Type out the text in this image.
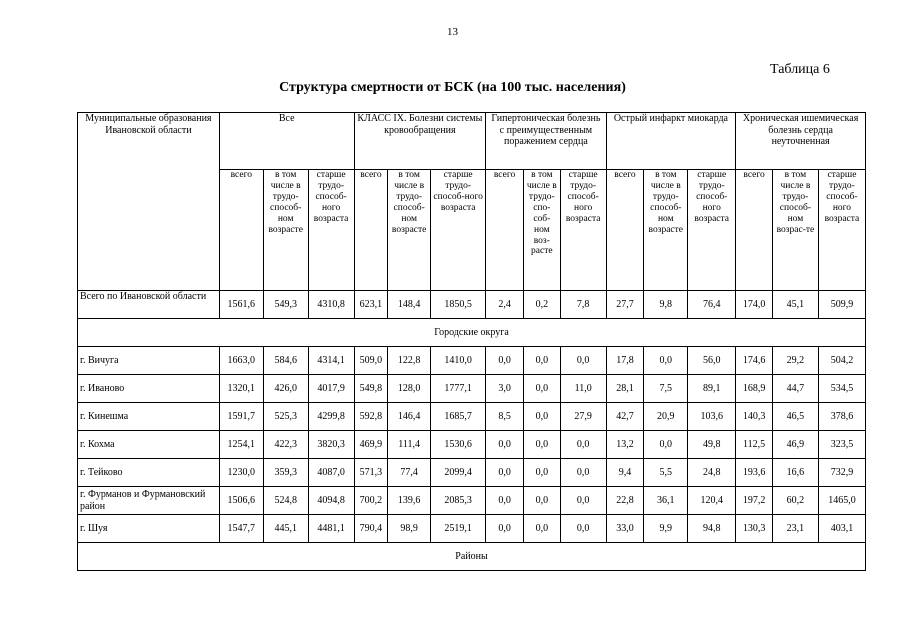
13
Таблица 6
Структура смертности от БСК (на 100 тыс. населения)
Муниципальные образования Ивановской области	Все			КЛАСС IX. Болезни системы кровообращения			Гипертоническая болезнь с преимущественным поражением сердца			Острый инфаркт миокарда			Хроническая ишемическая болезнь сердца неуточненная		
	всего	в том числе в трудо-способ-ном возрасте	старше трудо-способ-ного возраста	всего	в том числе в трудо-способ-ном возрасте	старше трудо-способ-ного возраста	всего	в том числе в трудо-спо-соб-ном воз-расте	старше трудо-способ-ного возраста	всего	в том числе в трудо-способ-ном возрасте	старше трудо-способ-ного возраста	всего	в том числе в трудо-способ-ном возрас-те	старше трудо-способ-ного возраста
Всего по Ивановской области	1561,6	549,3	4310,8	623,1	148,4	1850,5	2,4	0,2	7,8	27,7	9,8	76,4	174,0	45,1	509,9
Городские округа															
г. Вичуга	1663,0	584,6	4314,1	509,0	122,8	1410,0	0,0	0,0	0,0	17,8	0,0	56,0	174,6	29,2	504,2
г. Иваново	1320,1	426,0	4017,9	549,8	128,0	1777,1	3,0	0,0	11,0	28,1	7,5	89,1	168,9	44,7	534,5
г. Кинешма	1591,7	525,3	4299,8	592,8	146,4	1685,7	8,5	0,0	27,9	42,7	20,9	103,6	140,3	46,5	378,6
г. Кохма	1254,1	422,3	3820,3	469,9	111,4	1530,6	0,0	0,0	0,0	13,2	0,0	49,8	112,5	46,9	323,5
г. Тейково	1230,0	359,3	4087,0	571,3	77,4	2099,4	0,0	0,0	0,0	9,4	5,5	24,8	193,6	16,6	732,9
г. Фурманов и Фурмановский район	1506,6	524,8	4094,8	700,2	139,6	2085,3	0,0	0,0	0,0	22,8	36,1	120,4	197,2	60,2	1465,0
г. Шуя	1547,7	445,1	4481,1	790,4	98,9	2519,1	0,0	0,0	0,0	33,0	9,9	94,8	130,3	23,1	403,1
Районы															
